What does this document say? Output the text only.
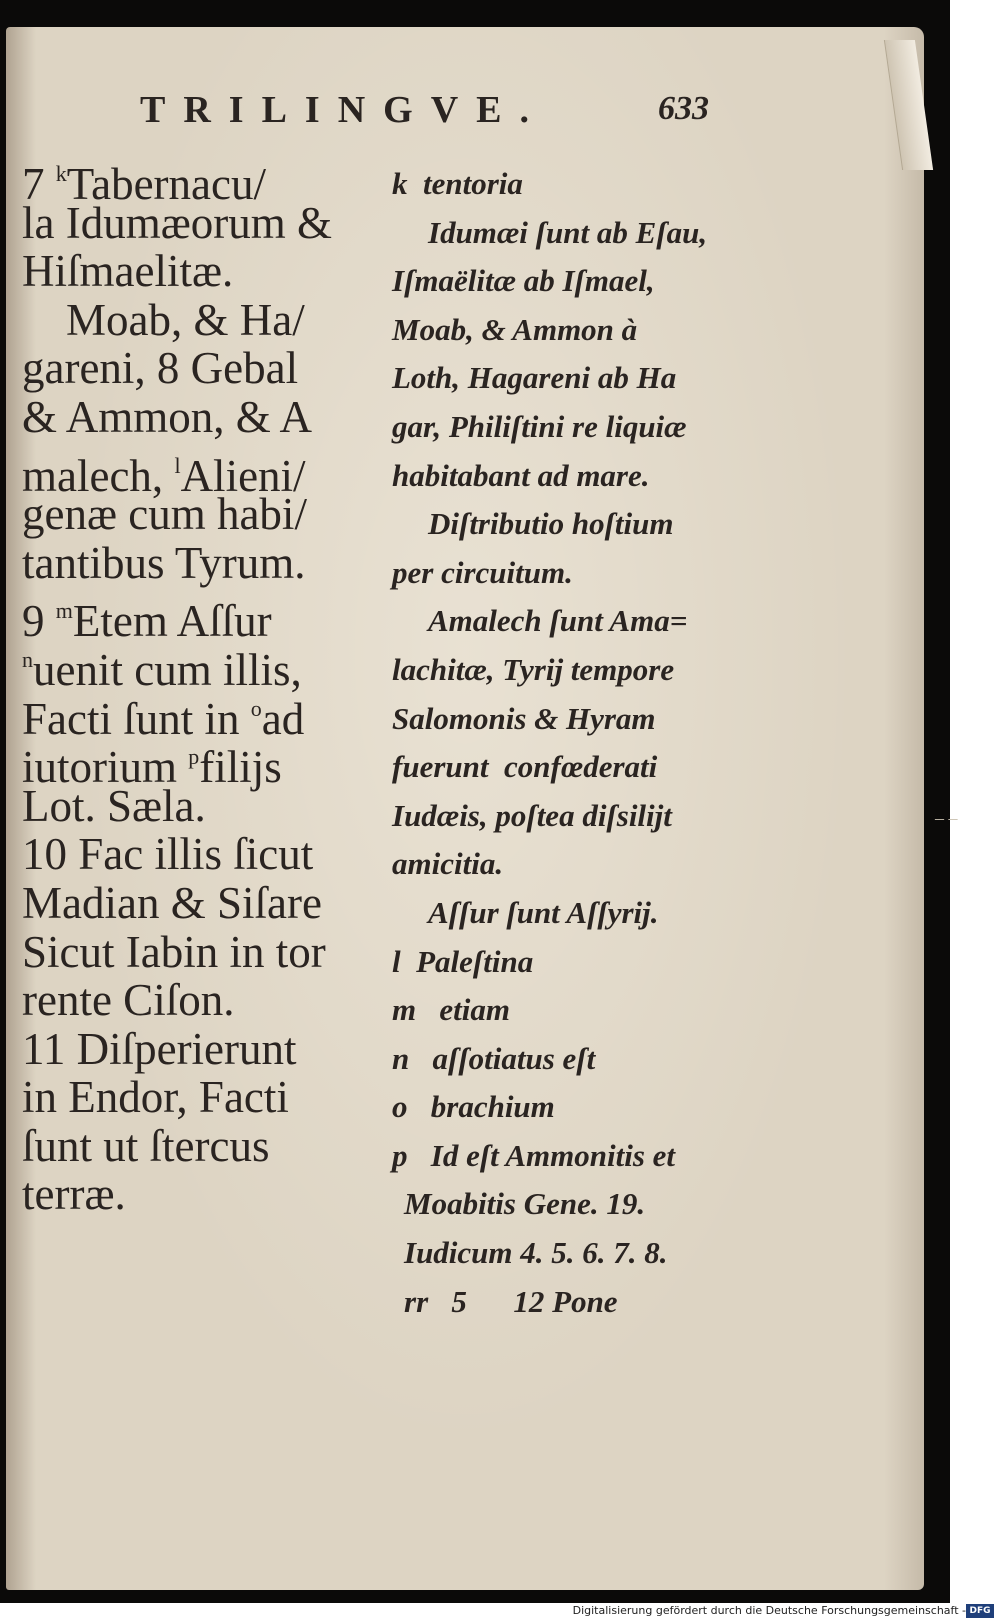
TRILINGVE.	633
7 $^k$Tabernacu/
la Idumæorum &
Hiſmaelitæ.
Moab, & Ha/
gareni, 8 Gebal
& Ammon, & A
malech, $^l$Alieni/
genæ cum habi/
tantibus Tyrum.
9 $^m$Etem Aſſur
$^n$uenit cum illis,
Facti ſunt in $^o$ad
iutorium $^p$filijs
Lot. Sæla.
10 Fac illis ſicut
Madian & Siſare
Sicut Iabin in tor
rente Ciſon.
11 Diſperierunt
in Endor, Facti
ſunt ut ſtercus
terræ.
k  tentoria
Idumæi ſunt ab Eſau,
Iſmaëlitæ ab Iſmael,
Moab, & Ammon à
Loth, Hagareni ab Ha
gar, Philiſtini re liquiæ
habitabant ad mare.
Diſtributio hoſtium
per circuitum.
Amalech ſunt Ama=
lachitæ, Tyrij tempore
Salomonis & Hyram
fuerunt  confœderati
Iudæis, poſtea diſsilijt
amicitia.
Aſſur ſunt Aſſyrij.
l  Paleſtina
m   etiam
n   aſſotiatus eſt
o   brachium
p   Id eſt Ammonitis et
Moabitis Gene. 19.
Iudicum 4. 5. 6. 7. 8.
rr   5      12 Pone
– –
Digitalisierung gefördert durch die Deutsche Forschungsgemeinschaft - DFG
